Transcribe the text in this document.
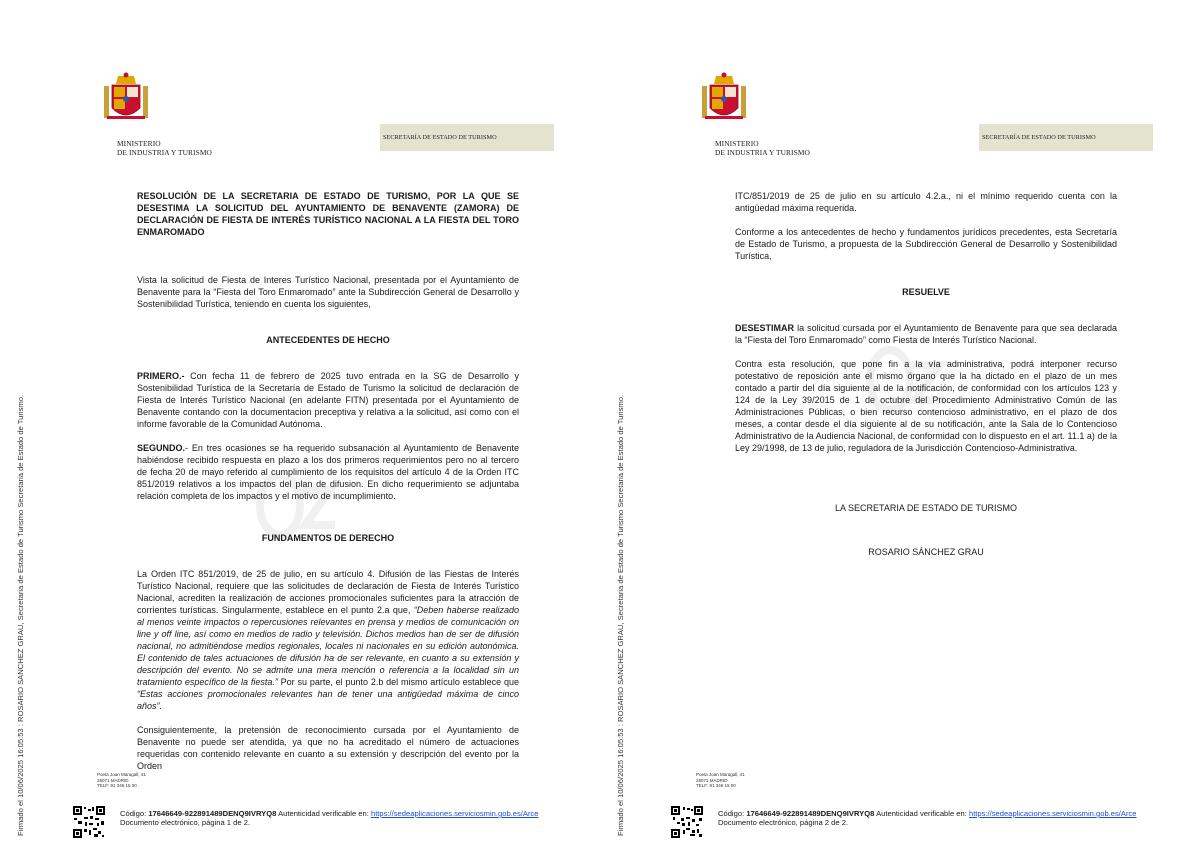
MINISTERIO
DE INDUSTRIA Y TURISMO
SECRETARÍA DE ESTADO DE TURISMO
Firmado el 10/06/2025 16:05:53 : ROSARIO SANCHEZ GRAU, Secretaria de Estado de Turismo Secretaria de Estado de Turismo.

RESOLUCIÓN DE LA SECRETARIA DE ESTADO DE TURISMO, POR LA QUE SE DESESTIMA LA SOLICITUD DEL AYUNTAMIENTO DE BENAVENTE (ZAMORA) DE DECLARACIÓN DE FIESTA DE INTERÉS TURÍSTICO NACIONAL A LA FIESTA DEL TORO ENMAROMADO

Vista la solicitud de Fiesta de Interes Turístico Nacional, presentada por el Ayuntamiento de Benavente para la “Fiesta del Toro Enmaromado” ante la Subdirección General de Desarrollo y Sostenibilidad Turística, teniendo en cuenta los siguientes,

ANTECEDENTES DE HECHO

PRIMERO.- Con fecha 11 de febrero de 2025 tuvo entrada en la SG de Desarrollo y Sostenibilidad Turística de la Secretaría de Estado de Turismo la solicitud de declaración de Fiesta de Interés Turístico Nacional (en adelante FITN) presentada por el Ayuntamiento de Benavente contando con la documentacion preceptiva y relativa a la solicitud, así como con el informe favorable de la Comunidad Autónoma.

SEGUNDO.- En tres ocasiones se ha requerido subsanación al Ayuntamiento de Benavente habiéndose recibido respuesta en plazo a los dos primeros requerimientos pero no al tercero de fecha 20 de mayo referido al cumplimiento de los requisitos del artículo 4 de la Orden ITC 851/2019 relativos a los impactos del plan de difusion. En dicho requerimiento se adjuntaba relación completa de los impactos y el motivo de incumplimiento.

FUNDAMENTOS DE DERECHO

La Orden ITC 851/2019, de 25 de julio, en su artículo 4. Difusión de las Fiestas de Interés Turístico Nacional, requiere que las solicitudes de declaración de Fiesta de Interés Turístico Nacional, acrediten la realización de acciones promocionales suficientes para la atracción de corrientes turísticas. Singularmente, establece en el punto 2.a que, “Deben haberse realizado al menos veinte impactos o repercusiones relevantes en prensa y medios de comunicación on line y off line, así como en medios de radio y televisión. Dichos medios han de ser de difusión nacional, no admitiéndose medios regionales, locales ni nacionales en su edición autonómica. El contenido de tales actuaciones de difusión ha de ser relevante, en cuanto a su extensión y descripción del evento. No se admite una mera mención o referencia a la localidad sin un tratamiento específico de la fiesta.” Por su parte, el punto 2.b del mismo artículo establece que “Estas acciones promocionales relevantes han de tener una antigüedad máxima de cinco años”.

Consiguientemente, la pretensión de reconocimiento cursada por el Ayuntamiento de Benavente no puede ser atendida, ya que no ha acreditado el número de actuaciones requeridas con contenido relevante en cuanto a su extensión y descripción del evento por la Orden

Poeta Joan Maragall, 41
28071 MADRID
TELF: 91 346 15 00
Código: 17646649-922891489DENQ9IVRYQ8 Autenticidad verificable en: https://sedeaplicaciones.serviciosmin.gob.es/Arce
Documento electrónico, página 1 de 2.
MINISTERIO
DE INDUSTRIA Y TURISMO
SECRETARÍA DE ESTADO DE TURISMO
Firmado el 10/06/2025 16:05:53 : ROSARIO SANCHEZ GRAU, Secretaria de Estado de Turismo Secretaria de Estado de Turismo.

ITC/851/2019 de 25 de julio en su artículo 4.2.a., ni el mínimo requerido cuenta con la antigüedad máxima requerida.

Conforme a los antecedentes de hecho y fundamentos jurídicos precedentes, esta Secretaría de Estado de Turismo, a propuesta de la Subdirección General de Desarrollo y Sostenibilidad Turística,

RESUELVE

DESESTIMAR la solicitud cursada por el Ayuntamiento de Benavente para que sea declarada la “Fiesta del Toro Enmaromado” como Fiesta de Interés Turístico Nacional.

Contra esta resolución, que pone fin a la vía administrativa, podrá interponer recurso potestativo de reposición ante el mismo órgano que la ha dictado en el plazo de un mes contado a partir del día siguiente al de la notificación, de conformidad con los artículos 123 y 124 de la Ley 39/2015 de 1 de octubre del Procedimiento Administrativo Común de las Administraciones Públicas, o bien recurso contencioso administrativo, en el plazo de dos meses, a contar desde el día siguiente al de su notificación, ante la Sala de lo Contencioso Administrativo de la Audiencia Nacional, de conformidad con lo dispuesto en el art. 11.1 a) de la Ley 29/1998, de 13 de julio, reguladora de la Jurisdicción Contencioso-Administrativa.

LA SECRETARIA DE ESTADO DE TURISMO

ROSARIO SÁNCHEZ GRAU

Poeta Joan Maragall, 41
28071 MADRID
TELF: 91 346 15 00
Código: 17646649-922891489DENQ9IVRYQ8 Autenticidad verificable en: https://sedeaplicaciones.serviciosmin.gob.es/Arce
Documento electrónico, página 2 de 2.
